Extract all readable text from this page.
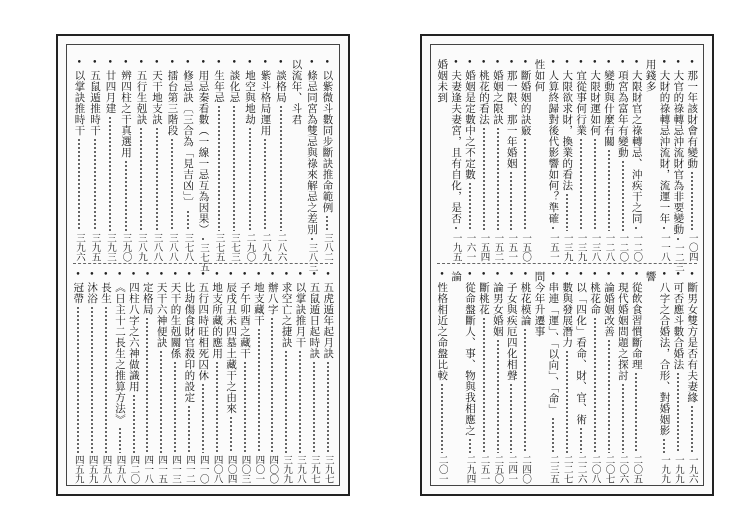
•
以紫微斗數同步斷訣推命範例
三八二
•
條忌同宮為雙忌與祿來解忌之差別
三八三
以流年、斗君
•
談格局
二八六
•
紫斗格局運用
二八九
•
地空與地劫
二九〇
•
談化忌
三七三
•
生年忌
三七五
•
用忌秦看數（一線一忌互為因果）
三七五
•
修忌訣〔三合為「見吉凶」〕
三七八
•
擂台第三階段
三八八
•
天干地支訣
三八八
•
五行生剋訣
三八九
•
辨四柱之干真選用
三九〇
•
廿四月建
三九三
•
五鼠遁推時干
三九五
•
以掌訣推時干
三九六
•
五虎遁年起月訣
三九七
•
五鼠遁日起時訣
三九七
•
以掌訣推月干
三九八
•
求空亡之捷訣
三九九
•
辦八字
四〇〇
•
地支藏干
四〇一
•
子午卯酉之藏干
四〇三
•
辰戌丑未四墓土藏干之由來
四〇四
•
地支所藏的應用
四〇八
•
五行四時旺相死囚休
四一〇
•
比劫傷食財官殺印的設定
四一二
•
天干的生剋關係
四一三
•
天干六神便訣
四一五
•
定格局
四一八
•
四柱八字之六神做識用
四二〇
•
《日主十二長生之推算方法》
四五八
•
長生
四五八
•
沐浴
四五九
•
冠帶
四五九
•
那一年該財會有變動
一〇四
•
大官的祿轉忌沖流財官為非要變動
一二三
•
大財的祿轉忌沖流財，流運一年
一一八
用錢多
•
大限財官之祿轉忌、沖疾干之同
一二〇
•
項宮為富年有變動
一二〇
•
變動與什麼有關
一二八
•
大限財運如何
一三八
•
宜從事何行業
一三九
•
大限欲求財，換業的看法
一三九
•
人算終歸對後代影響如何？準確
一五一
性如何
•
斷婚姻的訣竅
一五〇
•
那一限、那一年婚姻
一五一
•
婚姻之限訣
一五二
•
桃花的看法
一五四
•
婚姻是定數中之不定數
一六一
•
夫妻逢夫妻宮，且有自化，是否
一九五
婚姻未到
•
斷男女雙方是否有夫妻緣
一九六
•
可否應斗數合婚法
一九九
•
八字之合婚法，合形、對婚姻影
一九九
響
•
從飲食習慣斷命理
二〇五
•
現代婚姻問題之探討
二〇六
•
論婚姻改善
二〇七
•
桃花命
二〇八
•
以「四化」看命、財、官、術
二二六
•
數與發展潛力
二二七
•
串連「運」、「以向」、「命」
二三五
問今年升遷事
•
桃花模論
二四〇
•
子女與疾厄四化相聲
二四一
•
論男女婚姻
二五〇
•
斷桃花
二五一
•
從命盤斷人、事、物與我相應之
二九四
論
•
性格相近之命盤比較
二〇一
